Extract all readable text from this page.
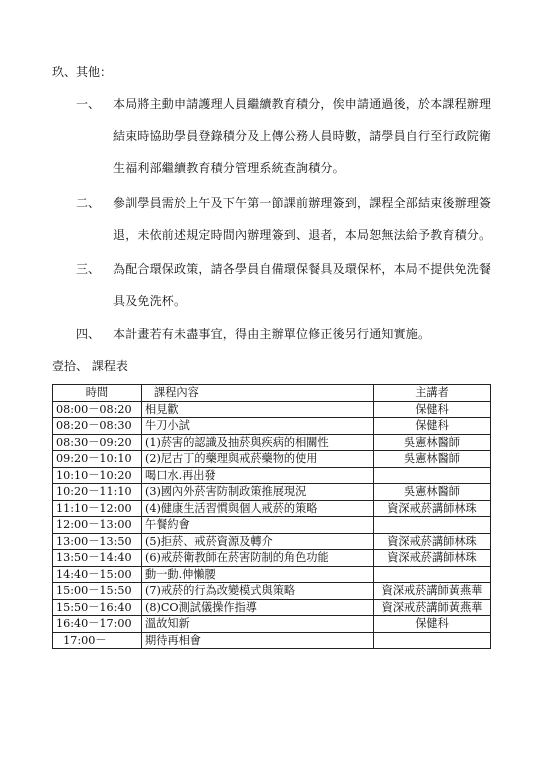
玖、其他：
一、 本局將主動申請護理人員繼續教育積分，俟申請通過後，於本課程辦理
結束時協助學員登錄積分及上傳公務人員時數，請學員自行至行政院衛
生福利部繼續教育積分管理系統查詢積分。
二、 參訓學員需於上午及下午第一節課前辦理簽到，課程全部結束後辦理簽
退，未依前述規定時間內辦理簽到、退者，本局恕無法給予教育積分。
三、 為配合環保政策，請各學員自備環保餐具及環保杯，本局不提供免洗餐
具及免洗杯。
四、 本計畫若有未盡事宜，得由主辦單位修正後另行通知實施。
壹拾、 課程表
時間	課程內容	主講者
08:00－08:20	相見歡	保健科
08:20－08:30	牛刀小試	保健科
08:30－09:20	(1)菸害的認識及抽菸與疾病的相關性	吳憲林醫師
09:20－10:10	(2)尼古丁的藥理與戒菸藥物的使用	吳憲林醫師
10:10－10:20	喝口水.再出發	
10:20－11:10	(3)國內外菸害防制政策推展現況	吳憲林醫師
11:10－12:00	(4)健康生活習慣與個人戒菸的策略	資深戒菸講師林珠
12:00－13:00	午餐約會	
13:00－13:50	(5)拒菸、戒菸資源及轉介	資深戒菸講師林珠
13:50－14:40	(6)戒菸衛教師在菸害防制的角色功能	資深戒菸講師林珠
14:40－15:00	動一動.伸懶腰	
15:00－15:50	(7)戒菸的行為改變模式與策略	資深戒菸講師黃燕華
15:50－16:40	(8)CO測試儀操作指導	資深戒菸講師黃燕華
16:40－17:00	溫故知新	保健科
17:00－	期待再相會	
